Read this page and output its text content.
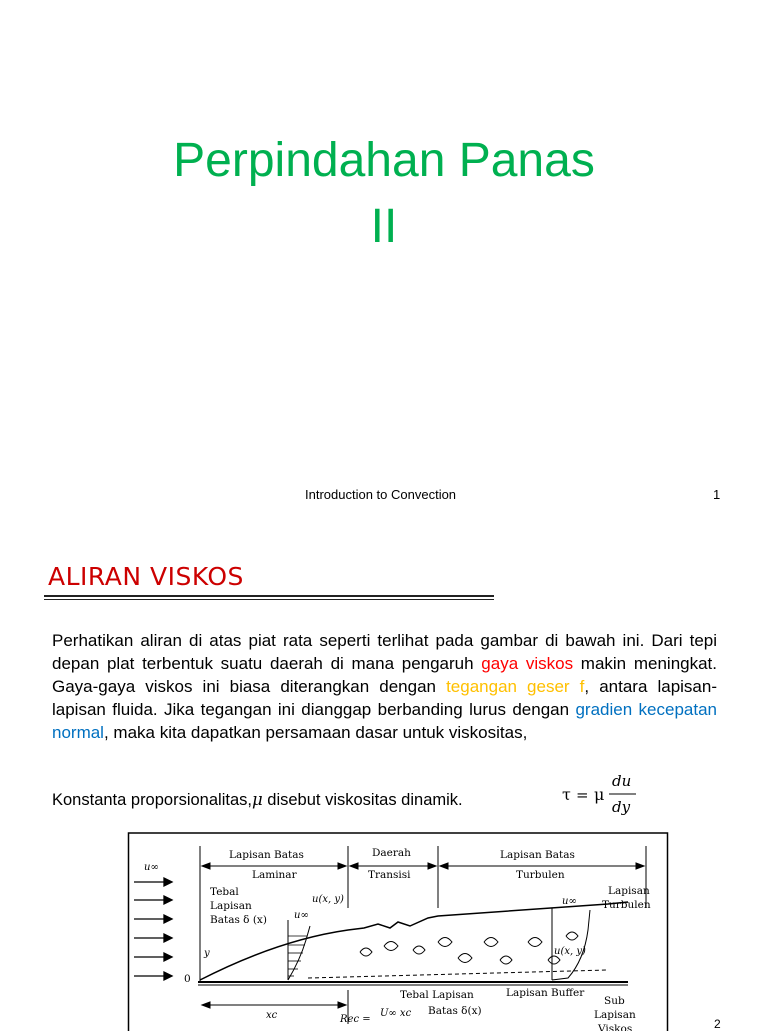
Perpindahan Panas
II
Introduction to Convection	1
ALIRAN VISKOS
Perhatikan aliran di atas piat rata seperti terlihat pada gambar di bawah ini. Dari tepi depan plat terbentuk suatu daerah di mana pengaruh gaya viskos makin meningkat. Gaya-gaya viskos ini biasa diterangkan dengan tegangan geser f, antara lapisan-lapisan fluida. Jika tegangan ini dianggap berbanding lurus dengan gradien kecepatan normal, maka kita dapatkan persamaan dasar untuk viskositas,
Konstanta proporsionalitas,μ disebut viskositas dinamik.	τ = μ
du
dy
Lapisan Batas
Laminar
Daerah
Transisi
Lapisan Batas
Turbulen
u∞
y
0
u∞
u(x, y)
Tebal
Lapisan
Batas δ (x)
u∞
u(x, y)
Lapisan
Turbulen
xc
Tebal Lapisan
Batas δ(x)
Lapisan Buffer
Sub
Lapisan
Viskos
Rec =
U∞ xc
2
